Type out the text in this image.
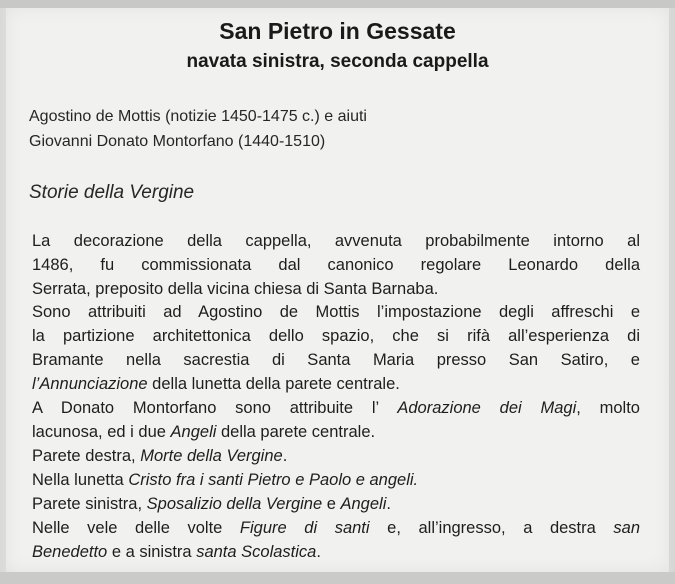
San Pietro in Gessate
navata sinistra, seconda cappella
Agostino de Mottis (notizie 1450-1475 c.) e aiuti
Giovanni Donato Montorfano (1440-1510)
Storie della Vergine
La decorazione della cappella, avvenuta probabilmente intorno al
1486, fu commissionata dal canonico regolare Leonardo della
Serrata, preposito della vicina chiesa di Santa Barnaba.
Sono attribuiti ad Agostino de Mottis l’impostazione degli affreschi e
la partizione architettonica dello spazio, che si rifà all’esperienza di
Bramante nella sacrestia di Santa Maria presso San Satiro, e
l’Annunciazione della lunetta della parete centrale.
A Donato Montorfano sono attribuite l’ Adorazione dei Magi, molto
lacunosa, ed i due Angeli della parete centrale.
Parete destra, Morte della Vergine.
Nella lunetta Cristo fra i santi Pietro e Paolo e angeli.
Parete sinistra, Sposalizio della Vergine e Angeli.
Nelle vele delle volte Figure di santi e, all’ingresso, a destra san
Benedetto e a sinistra santa Scolastica.
